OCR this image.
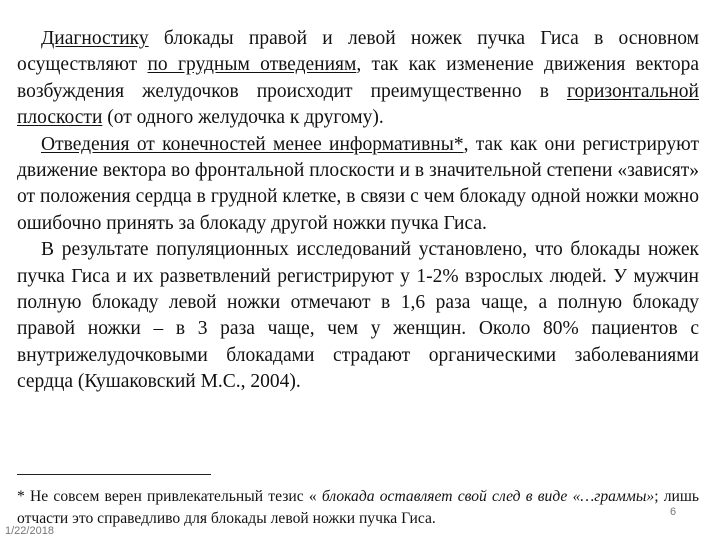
Диагностику блокады правой и левой ножек пучка Гиса в основном осуществляют по грудным отведениям, так как изменение движения вектора возбуждения желудочков происходит преимущественно в горизонтальной плоскости (от одного желудочка к другому).

Отведения от конечностей менее информативны*, так как они регистрируют движение вектора во фронтальной плоскости и в значительной степени «зависят» от положения сердца в грудной клетке, в связи с чем блокаду одной ножки можно ошибочно принять за блокаду другой ножки пучка Гиса.

В результате популяционных исследований установлено, что блокады ножек пучка Гиса и их разветвлений регистрируют у 1-2% взрослых людей. У мужчин полную блокаду левой ножки отмечают в 1,6 раза чаще, а полную блокаду правой ножки – в 3 раза чаще, чем у женщин. Около 80% пациентов с внутрижелудочковыми блокадами страдают органическими заболеваниями сердца (Кушаковский М.С., 2004).

* Не совсем верен привлекательный тезис « блокада оставляет свой след в виде «…граммы»; лишь отчасти это справедливо для блокады левой ножки пучка Гиса.	6
1/22/2018
